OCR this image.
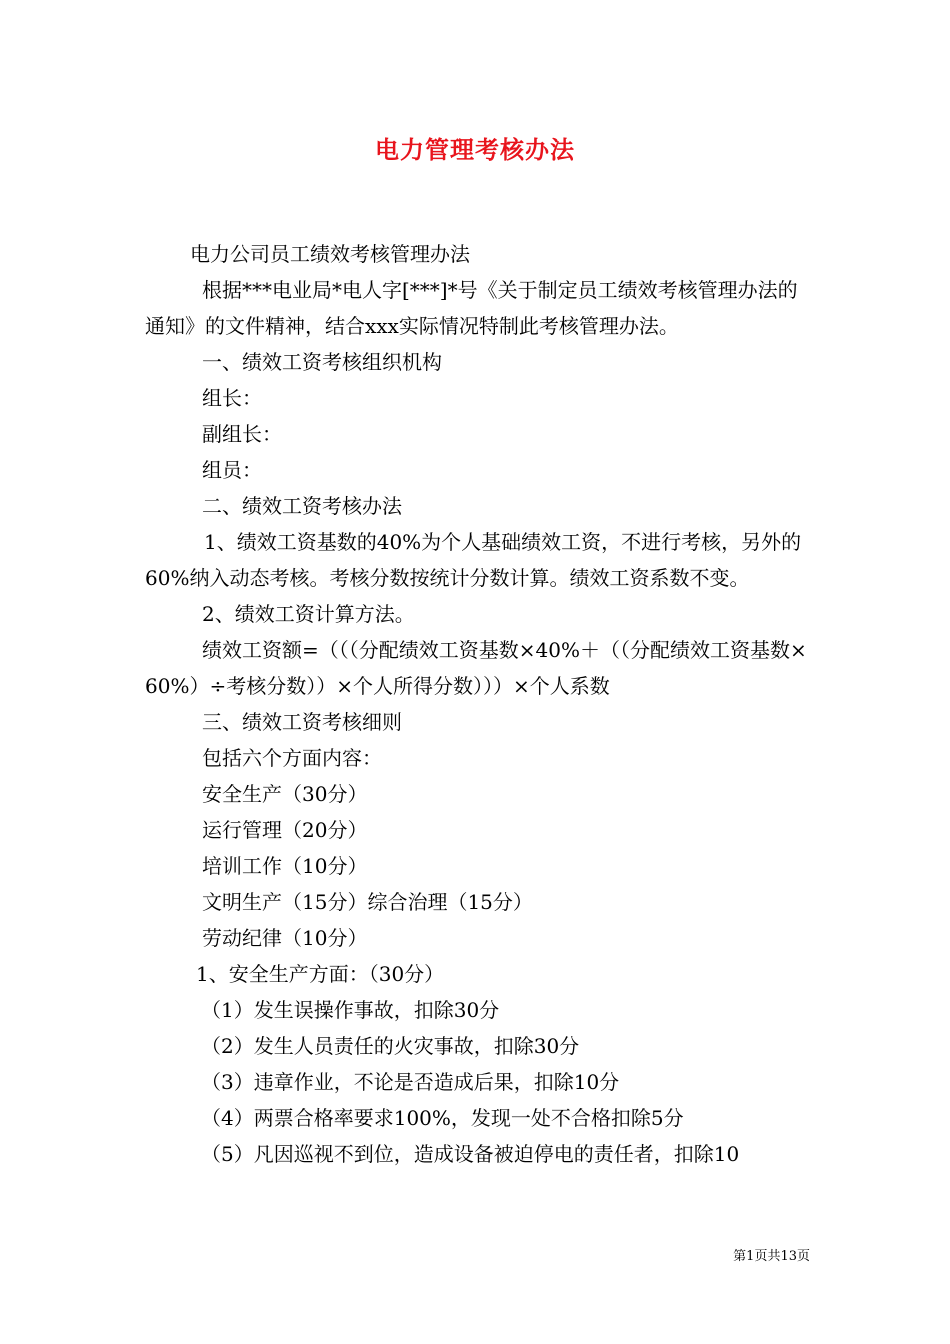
电力管理考核办法

电力公司员工绩效考核管理办法

根据***电业局*电人字[***]*号《关于制定员工绩效考核管理办法的通知》的文件精神，结合xxx实际情况特制此考核管理办法。

一、绩效工资考核组织机构

组长：

副组长：

组员：

二、绩效工资考核办法

1、绩效工资基数的40%为个人基础绩效工资，不进行考核，另外的60%纳入动态考核。考核分数按统计分数计算。绩效工资系数不变。

2、绩效工资计算方法。

绩效工资额=（（（分配绩效工资基数×40%＋（（分配绩效工资基数×60%）÷考核分数））×个人所得分数）））×个人系数

三、绩效工资考核细则

包括六个方面内容：

安全生产（30分）

运行管理（20分）

培训工作（10分）

文明生产（15分）综合治理（15分）

劳动纪律（10分）

1、安全生产方面：（30分）

（1）发生误操作事故，扣除30分

（2）发生人员责任的火灾事故，扣除30分

（3）违章作业，不论是否造成后果，扣除10分

（4）两票合格率要求100%，发现一处不合格扣除5分

（5）凡因巡视不到位，造成设备被迫停电的责任者，扣除10

第1页共13页
